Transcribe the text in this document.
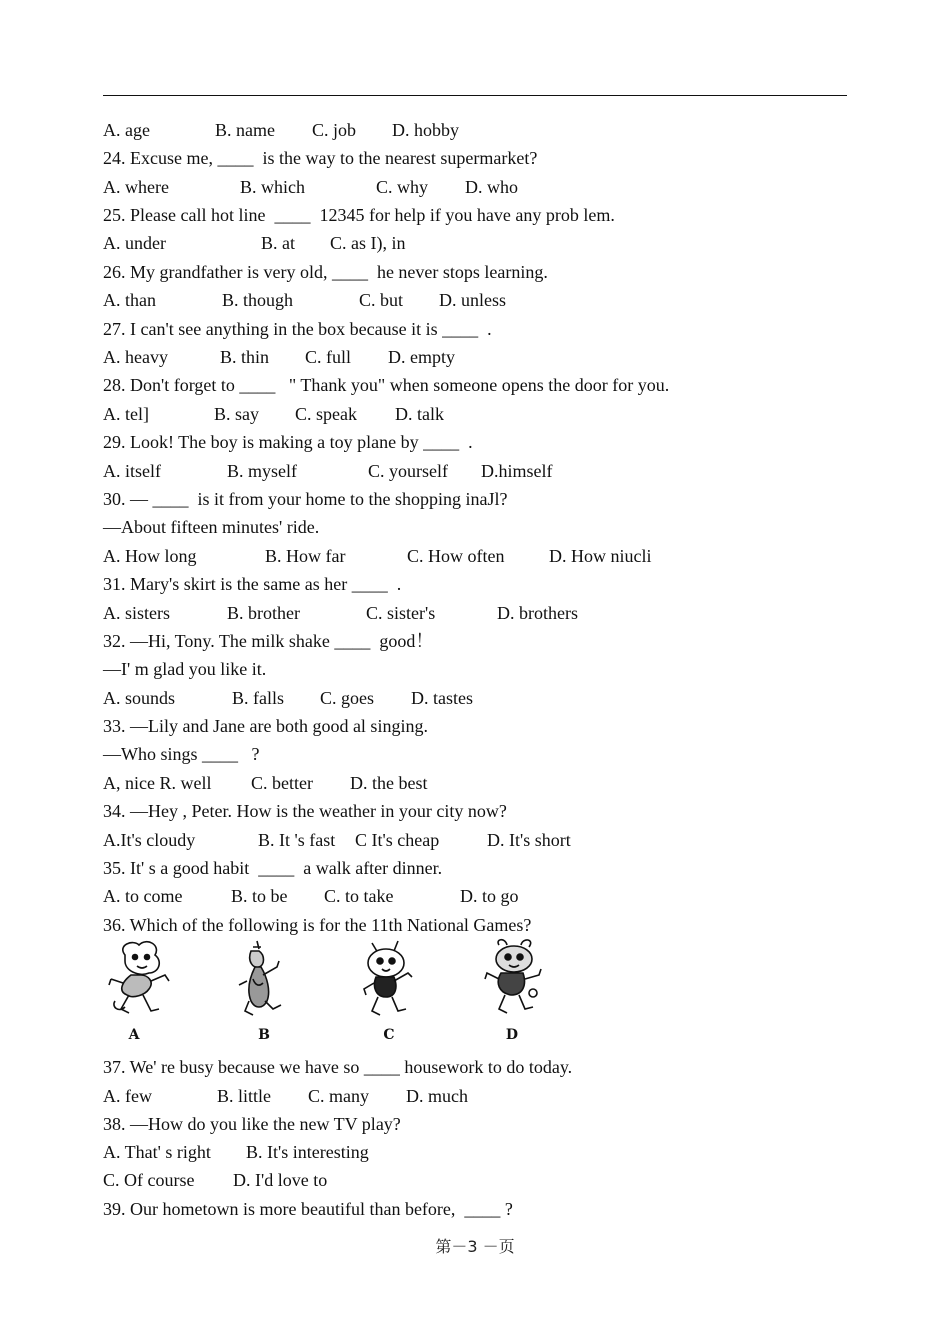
A. age

	B. name

C. job

D. hobby

24. Excuse me, ____  is the way to the nearest supermarket?

A. where

	B. which

	C. why

D. who

25. Please call hot line  ____  12345 for help if you have any prob lem.

A. under

	B. at

C. as I), in

26. My grandfather is very old, ____  he never stops learning.

A. than

	B. though

	C. but

D. unless

27. I can't see anything in the box because it is ____  .

A. heavy

	B. thin

C. full

D. empty

28. Don't forget to ____   " Thank you" when someone opens the door for you.

A. tel]

	B. say

C. speak

D. talk

29. Look! The boy is making a toy plane by ____  .

A. itself

	B. myself

	C. yourself

D.himself

30. — ____  is it from your home to the shopping inaJl?
—About fifteen minutes' ride.

A. How long

	B. How far

	C. How often

D. How niucli

31. Mary's skirt is the same as her ____  .

A. sisters

	B. brother

	C. sister's

	D. brothers

32. —Hi, Tony. The milk shake ____  good！
—I' m glad you like it.

A. sounds

	B. falls

C. goes

D. tastes

33. —Lily and Jane are both good al singing.
—Who sings ____   ?

A, nice R. well

C. better

D. the best

34. —Hey , Peter. How is the weather in your city now?

A.It's cloudy

	B. It 's fast

C It's cheap

	D. It's short

35. It' s a good habit  ____  a walk after dinner.

A. to come

	B. to be

C. to take

	D. to go

36. Which of the following is for the 11th National Games?
A	B	C	D
37. We' re busy because we have so ____ housework to do today.

A. few

	B. little

C. many

D. much

38. —How do you like the new TV play?

A. That' s right

B. It's interesting

C. Of course

D. I'd love to

39. Our hometown is more beautiful than before,  ____ ?
第－3 －页
